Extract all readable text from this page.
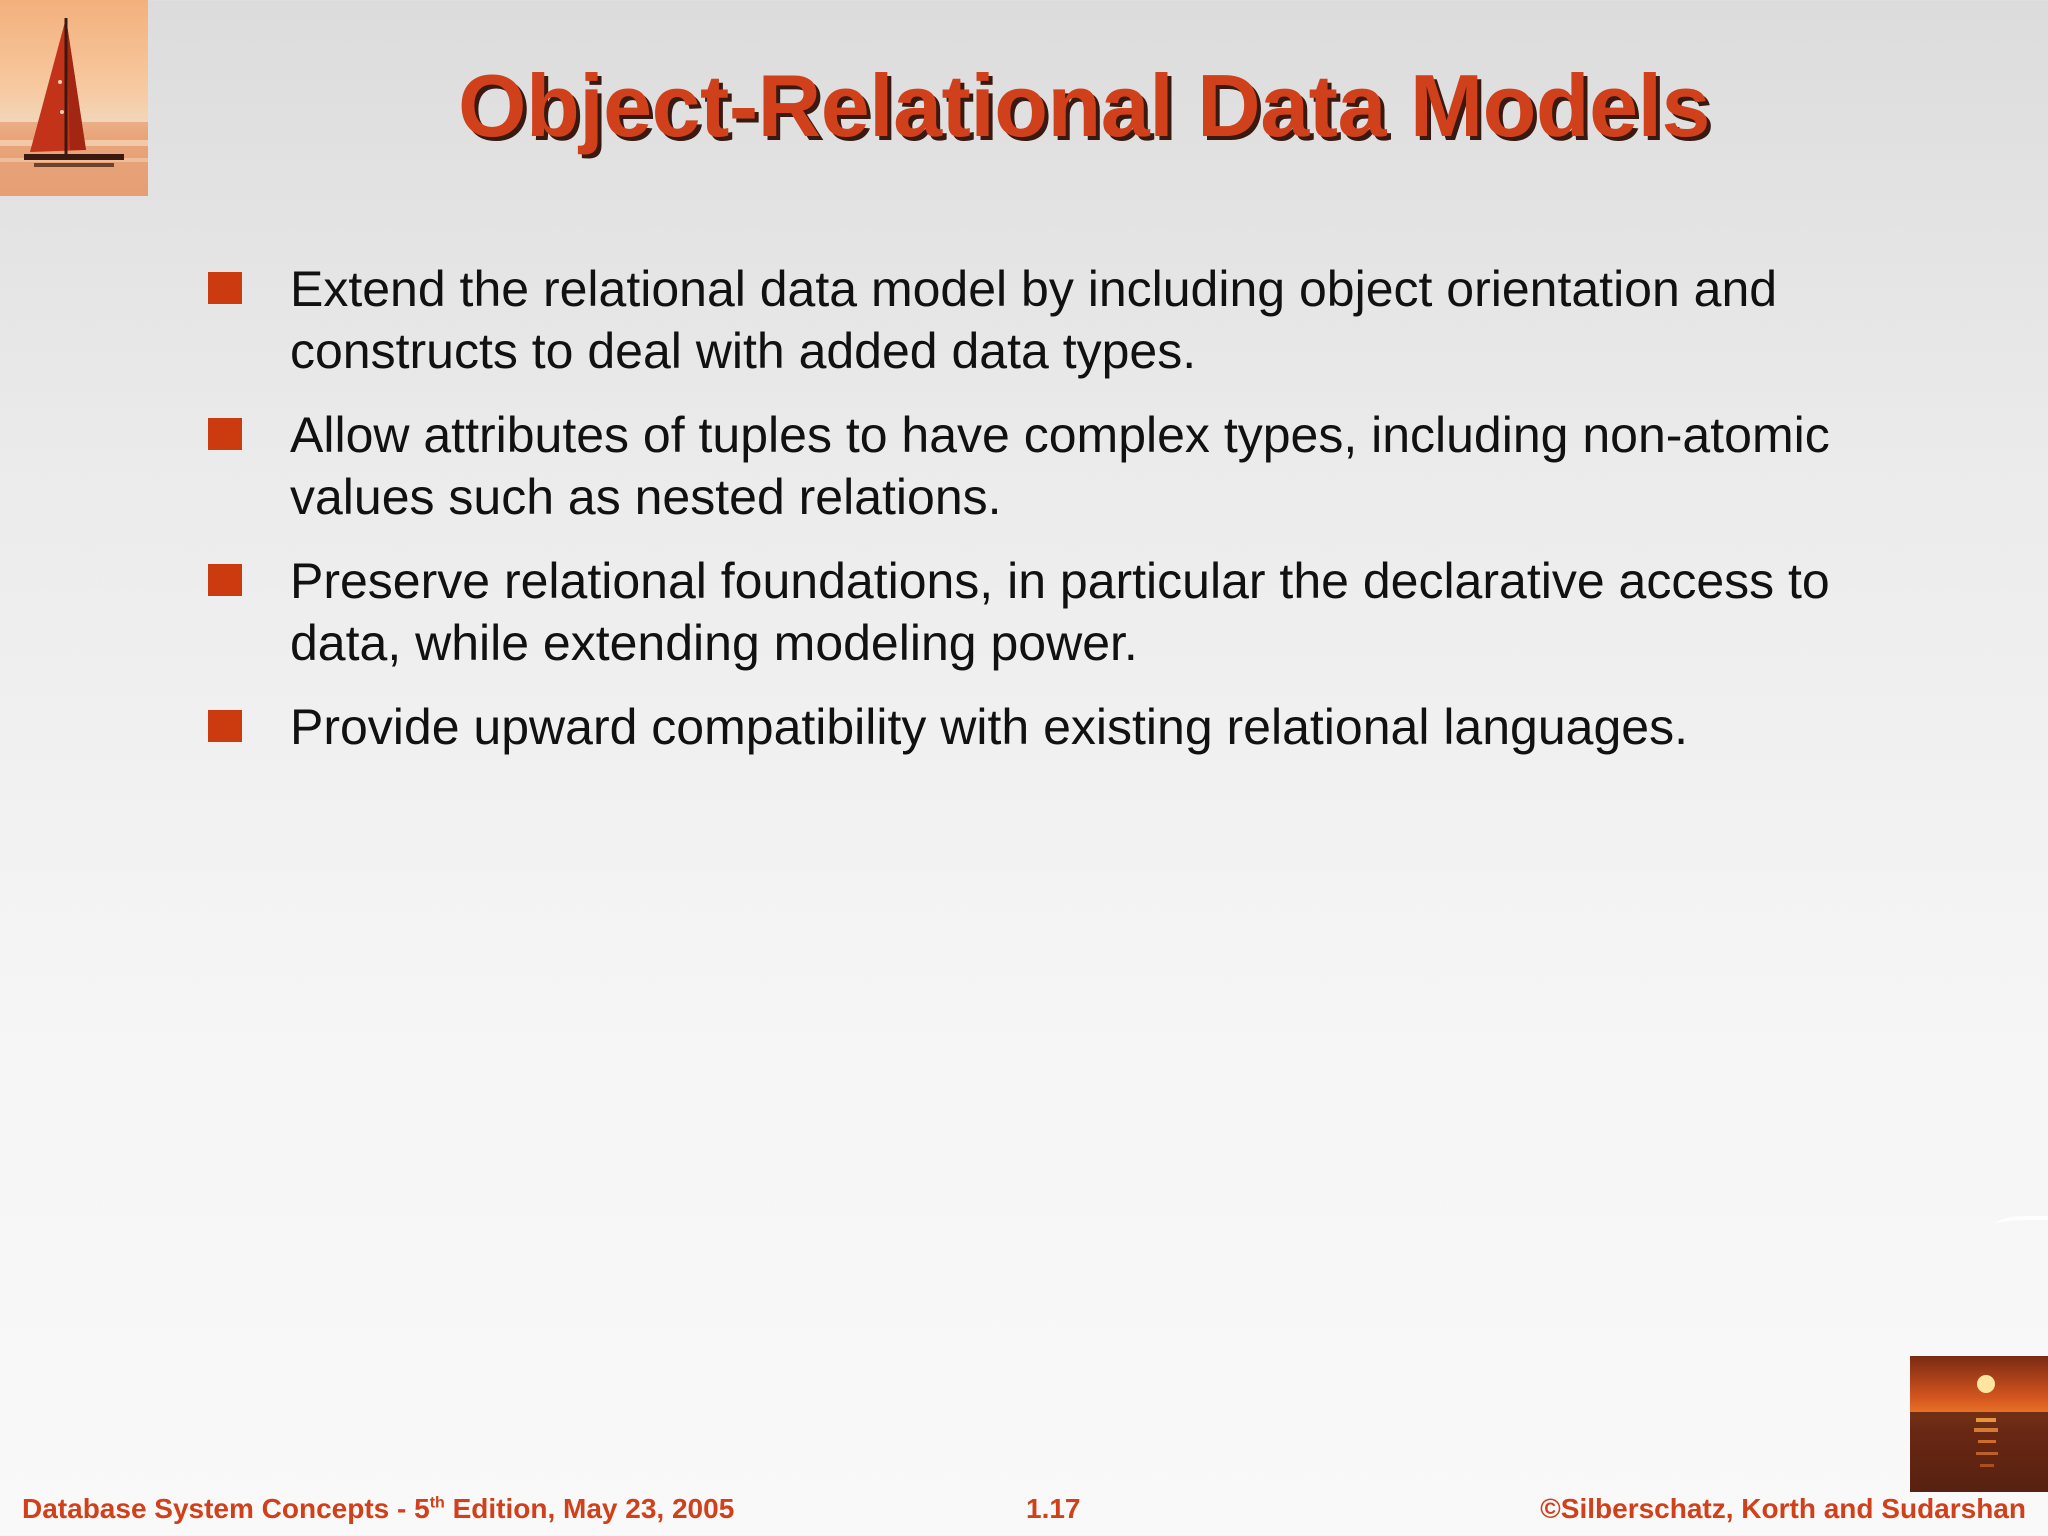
Object-Relational Data Models
Extend the relational data model by including object orientation and constructs to deal with added data types.
Allow attributes of tuples to have complex types, including non-atomic values such as nested relations.
Preserve relational foundations, in particular the declarative access to data, while extending modeling power.
Provide upward compatibility with existing relational languages.
Database System Concepts - 5th Edition, May 23, 2005	1.17	©Silberschatz, Korth and Sudarshan
